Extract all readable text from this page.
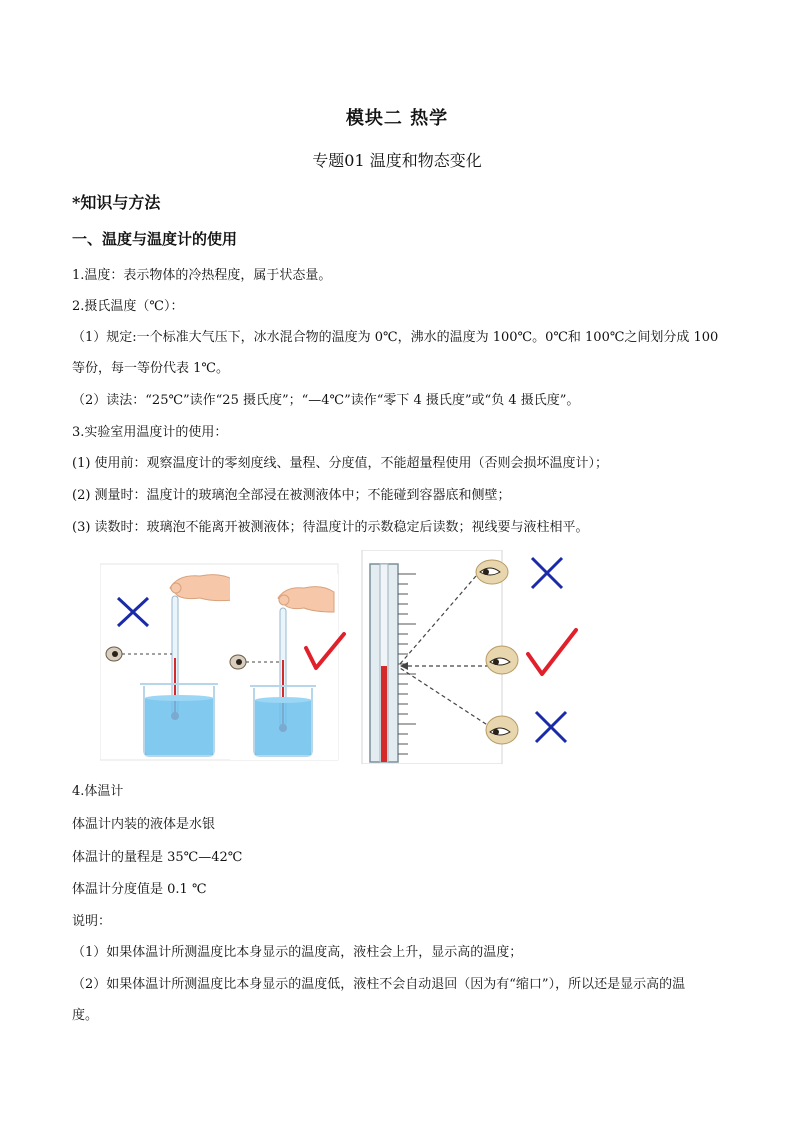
模块二 热学
专题01 温度和物态变化
*知识与方法
一、温度与温度计的使用
1.温度：表示物体的冷热程度，属于状态量。
2.摄氏温度（℃）：
（1）规定:一个标准大气压下，冰水混合物的温度为 0℃，沸水的温度为 100℃。0℃和 100℃之间划分成 100
等份，每一等份代表 1℃。
（2）读法：“25℃”读作“25 摄氏度”；“—4℃”读作“零下 4 摄氏度”或“负 4 摄氏度”。
3.实验室用温度计的使用：
(1) 使用前：观察温度计的零刻度线、量程、分度值，不能超量程使用（否则会损坏温度计）；
(2) 测量时：温度计的玻璃泡全部浸在被测液体中；不能碰到容器底和侧壁；
(3) 读数时：玻璃泡不能离开被测液体；待温度计的示数稳定后读数；视线要与液柱相平。
4.体温计
体温计内装的液体是水银
体温计的量程是 35℃—42℃
体温计分度值是 0.1 ℃
说明：
（1）如果体温计所测温度比本身显示的温度高，液柱会上升，显示高的温度；
（2）如果体温计所测温度比本身显示的温度低，液柱不会自动退回（因为有“缩口”），所以还是显示高的温
度。
